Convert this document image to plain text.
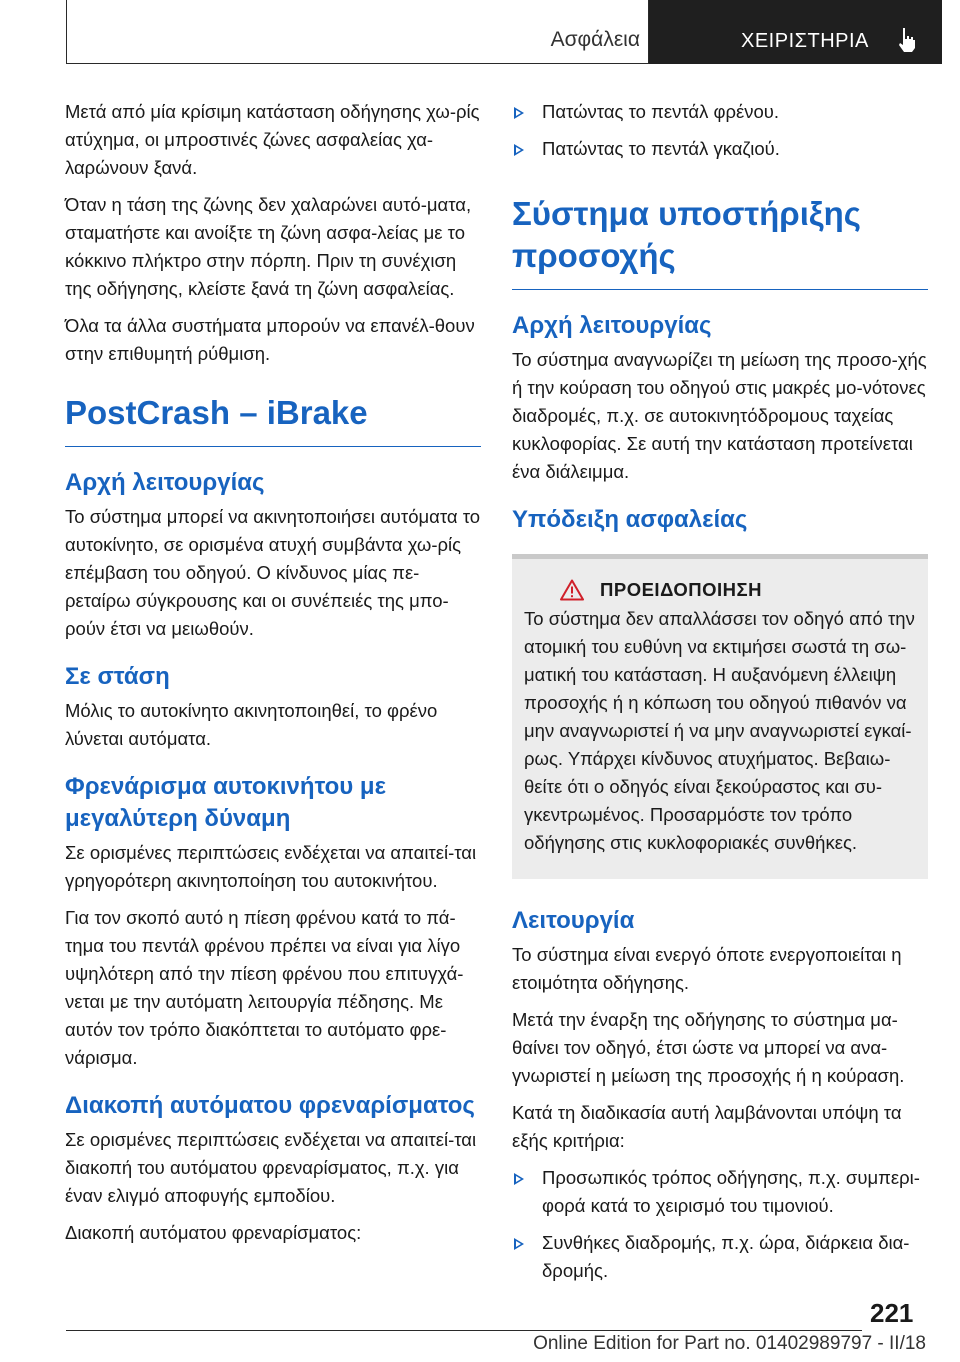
Ασφάλεια	ΧΕΙΡΙΣΤΗΡΙΑ

Μετά από μία κρίσιμη κατάσταση οδήγησης χω-ρίς ατύχημα, οι μπροστινές ζώνες ασφαλείας χα-λαρώνουν ξανά.

Όταν η τάση της ζώνης δεν χαλαρώνει αυτό-ματα, σταματήστε και ανοίξτε τη ζώνη ασφα-λείας με το κόκκινο πλήκτρο στην πόρπη. Πριν τη συνέχιση της οδήγησης, κλείστε ξανά τη ζώνη ασφαλείας.

Όλα τα άλλα συστήματα μπορούν να επανέλ-θουν στην επιθυμητή ρύθμιση.

PostCrash – iBrake
Αρχή λειτουργίας

Το σύστημα μπορεί να ακινητοποιήσει αυτόματα το αυτοκίνητο, σε ορισμένα ατυχή συμβάντα χω-ρίς επέμβαση του οδηγού. Ο κίνδυνος μίας πε-ρεταίρω σύγκρουσης και οι συνέπειές της μπο-ρούν έτσι να μειωθούν.

Σε στάση

Μόλις το αυτοκίνητο ακινητοποιηθεί, το φρένο λύνεται αυτόματα.

Φρενάρισμα αυτοκινήτου με μεγαλύτερη δύναμη

Σε ορισμένες περιπτώσεις ενδέχεται να απαιτεί-ται γρηγορότερη ακινητοποίηση του αυτοκινήτου.

Για τον σκοπό αυτό η πίεση φρένου κατά το πά-τημα του πεντάλ φρένου πρέπει να είναι για λίγο υψηλότερη από την πίεση φρένου που επιτυγχά-νεται με την αυτόματη λειτουργία πέδησης. Με αυτόν τον τρόπο διακόπτεται το αυτόματο φρε-νάρισμα.

Διακοπή αυτόματου φρεναρίσματος

Σε ορισμένες περιπτώσεις ενδέχεται να απαιτεί-ται διακοπή του αυτόματου φρεναρίσματος, π.χ. για έναν ελιγμό αποφυγής εμποδίου.

Διακοπή αυτόματου φρεναρίσματος:

Πατώντας το πεντάλ φρένου.
Πατώντας το πεντάλ γκαζιού.
Σύστημα υποστήριξης προσοχής
Αρχή λειτουργίας

Το σύστημα αναγνωρίζει τη μείωση της προσο-χής ή την κούραση του οδηγού στις μακρές μο-νότονες διαδρομές, π.χ. σε αυτοκινητόδρομους ταχείας κυκλοφορίας. Σε αυτή την κατάσταση προτείνεται ένα διάλειμμα.

Υπόδειξη ασφαλείας
ΠΡΟΕΙΔΟΠΟΙΗΣΗ

Το σύστημα δεν απαλλάσσει τον οδηγό από την ατομική του ευθύνη να εκτιμήσει σωστά τη σω-ματική του κατάσταση. Η αυξανόμενη έλλειψη προσοχής ή η κόπωση του οδηγού πιθανόν να μην αναγνωριστεί ή να μην αναγνωριστεί εγκαί-ρως. Υπάρχει κίνδυνος ατυχήματος. Βεβαιω-θείτε ότι ο οδηγός είναι ξεκούραστος και συ-γκεντρωμένος. Προσαρμόστε τον τρόπο οδήγησης στις κυκλοφοριακές συνθήκες.

Λειτουργία

Το σύστημα είναι ενεργό όποτε ενεργοποιείται η ετοιμότητα οδήγησης.

Μετά την έναρξη της οδήγησης το σύστημα μα-θαίνει τον οδηγό, έτσι ώστε να μπορεί να ανα-γνωριστεί η μείωση της προσοχής ή η κούραση.

Κατά τη διαδικασία αυτή λαμβάνονται υπόψη τα εξής κριτήρια:

Προσωπικός τρόπος οδήγησης, π.χ. συμπερι-φορά κατά το χειρισμό του τιμονιού.
Συνθήκες διαδρομής, π.χ. ώρα, διάρκεια δια-δρομής.
221
Online Edition for Part no. 01402989797 - II/18
